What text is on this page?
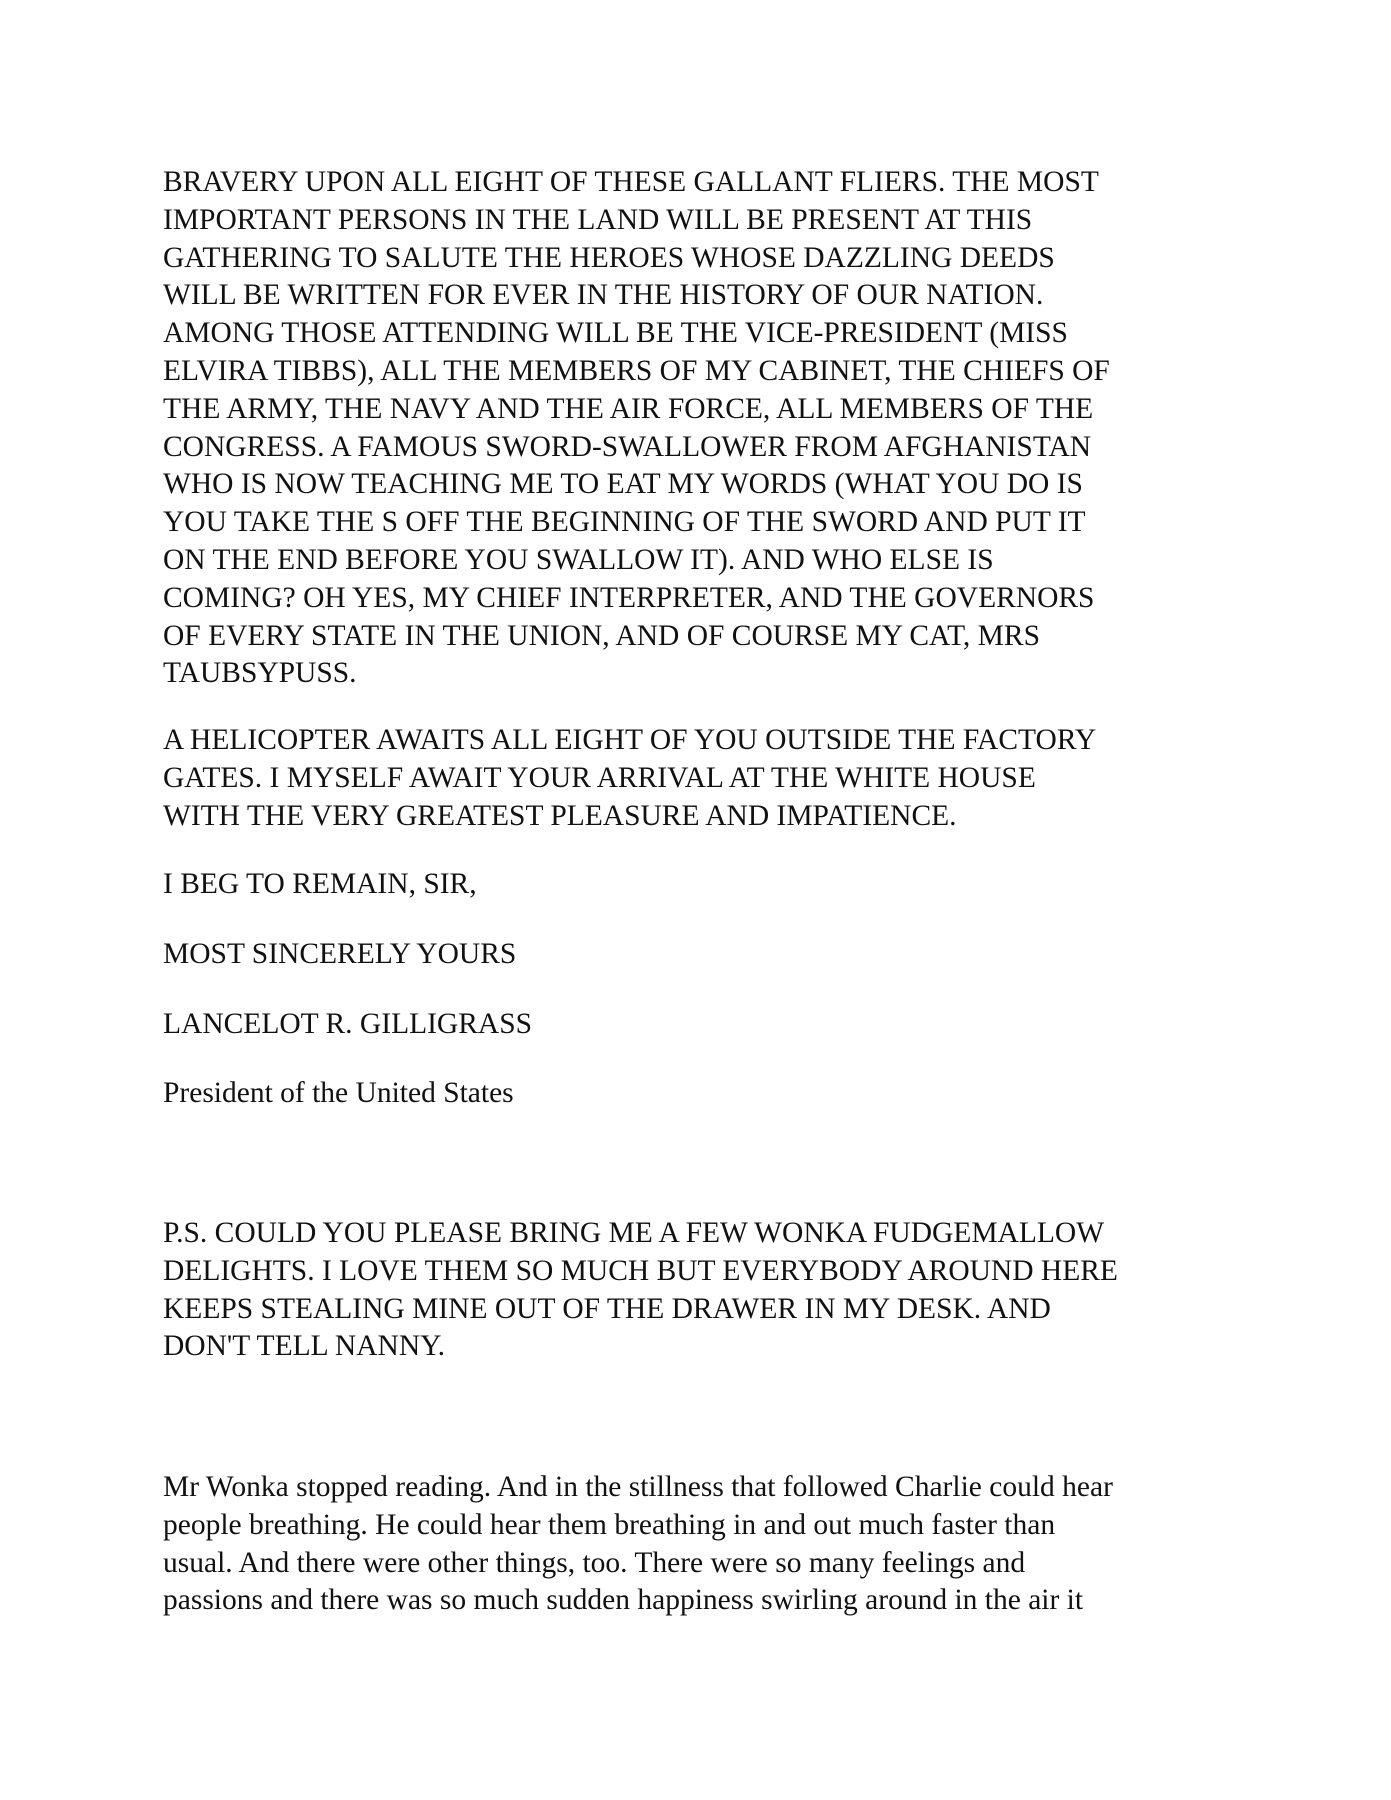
BRAVERY UPON ALL EIGHT OF THESE GALLANT FLIERS. THE MOST
IMPORTANT PERSONS IN THE LAND WILL BE PRESENT AT THIS
GATHERING TO SALUTE THE HEROES WHOSE DAZZLING DEEDS
WILL BE WRITTEN FOR EVER IN THE HISTORY OF OUR NATION.
AMONG THOSE ATTENDING WILL BE THE VICE-PRESIDENT (MISS
ELVIRA TIBBS), ALL THE MEMBERS OF MY CABINET, THE CHIEFS OF
THE ARMY, THE NAVY AND THE AIR FORCE, ALL MEMBERS OF THE
CONGRESS. A FAMOUS SWORD-SWALLOWER FROM AFGHANISTAN
WHO IS NOW TEACHING ME TO EAT MY WORDS (WHAT YOU DO IS
YOU TAKE THE S OFF THE BEGINNING OF THE SWORD AND PUT IT
ON THE END BEFORE YOU SWALLOW IT). AND WHO ELSE IS
COMING? OH YES, MY CHIEF INTERPRETER, AND THE GOVERNORS
OF EVERY STATE IN THE UNION, AND OF COURSE MY CAT, MRS
TAUBSYPUSS.

A HELICOPTER AWAITS ALL EIGHT OF YOU OUTSIDE THE FACTORY
GATES. I MYSELF AWAIT YOUR ARRIVAL AT THE WHITE HOUSE
WITH THE VERY GREATEST PLEASURE AND IMPATIENCE.

I BEG TO REMAIN, SIR,

MOST SINCERELY YOURS

LANCELOT R. GILLIGRASS

President of the United States

P.S. COULD YOU PLEASE BRING ME A FEW WONKA FUDGEMALLOW
DELIGHTS. I LOVE THEM SO MUCH BUT EVERYBODY AROUND HERE
KEEPS STEALING MINE OUT OF THE DRAWER IN MY DESK. AND
DON'T TELL NANNY.

Mr Wonka stopped reading. And in the stillness that followed Charlie could hear
people breathing. He could hear them breathing in and out much faster than
usual. And there were other things, too. There were so many feelings and
passions and there was so much sudden happiness swirling around in the air it
